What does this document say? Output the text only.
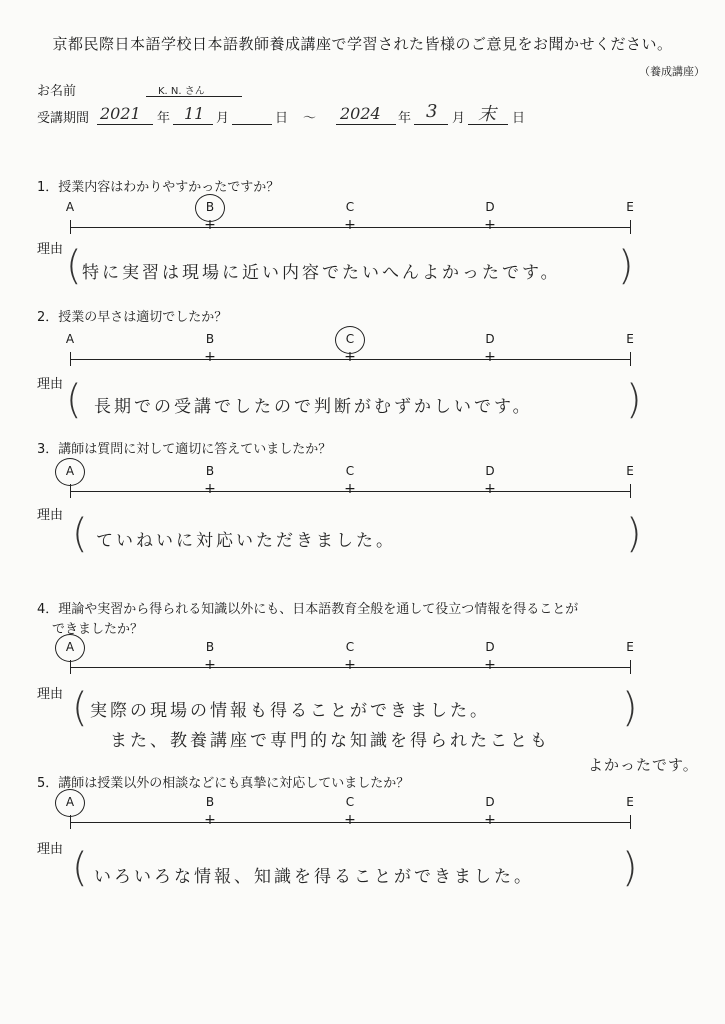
京都民際日本語学校日本語教師養成講座で学習された皆様のご意見をお聞かせください。
（養成講座）
お名前	K. N. さん
受講期間 2021 年 11 月	日 ～ 2024 年 3 月 末 日
1．授業内容はわかりやすかったですか？
A	B
+
C
+
D
+
E
理由 (	)
特に実習は現場に近い内容でたいへんよかったです。
2．授業の早さは適切でしたか？
A	B
+
C
+
D
+
E
理由 (	)
長期での受講でしたので判断がむずかしいです。
3．講師は質問に対して適切に答えていましたか？
A	B
+
C
+
D
+
E
理由 (	)
ていねいに対応いただきました。
4．理論や実習から得られる知識以外にも、日本語教育全般を通して役立つ情報を得ることが
できましたか？
A	B
+
C
+
D
+
E
理由 (	)
実際の現場の情報も得ることができました。
また、教養講座で専門的な知識を得られたことも
よかったです。
5．講師は授業以外の相談などにも真摯に対応していましたか？
A	B
+
C
+
D
+
E
理由 (	)
いろいろな情報、知識を得ることができました。
